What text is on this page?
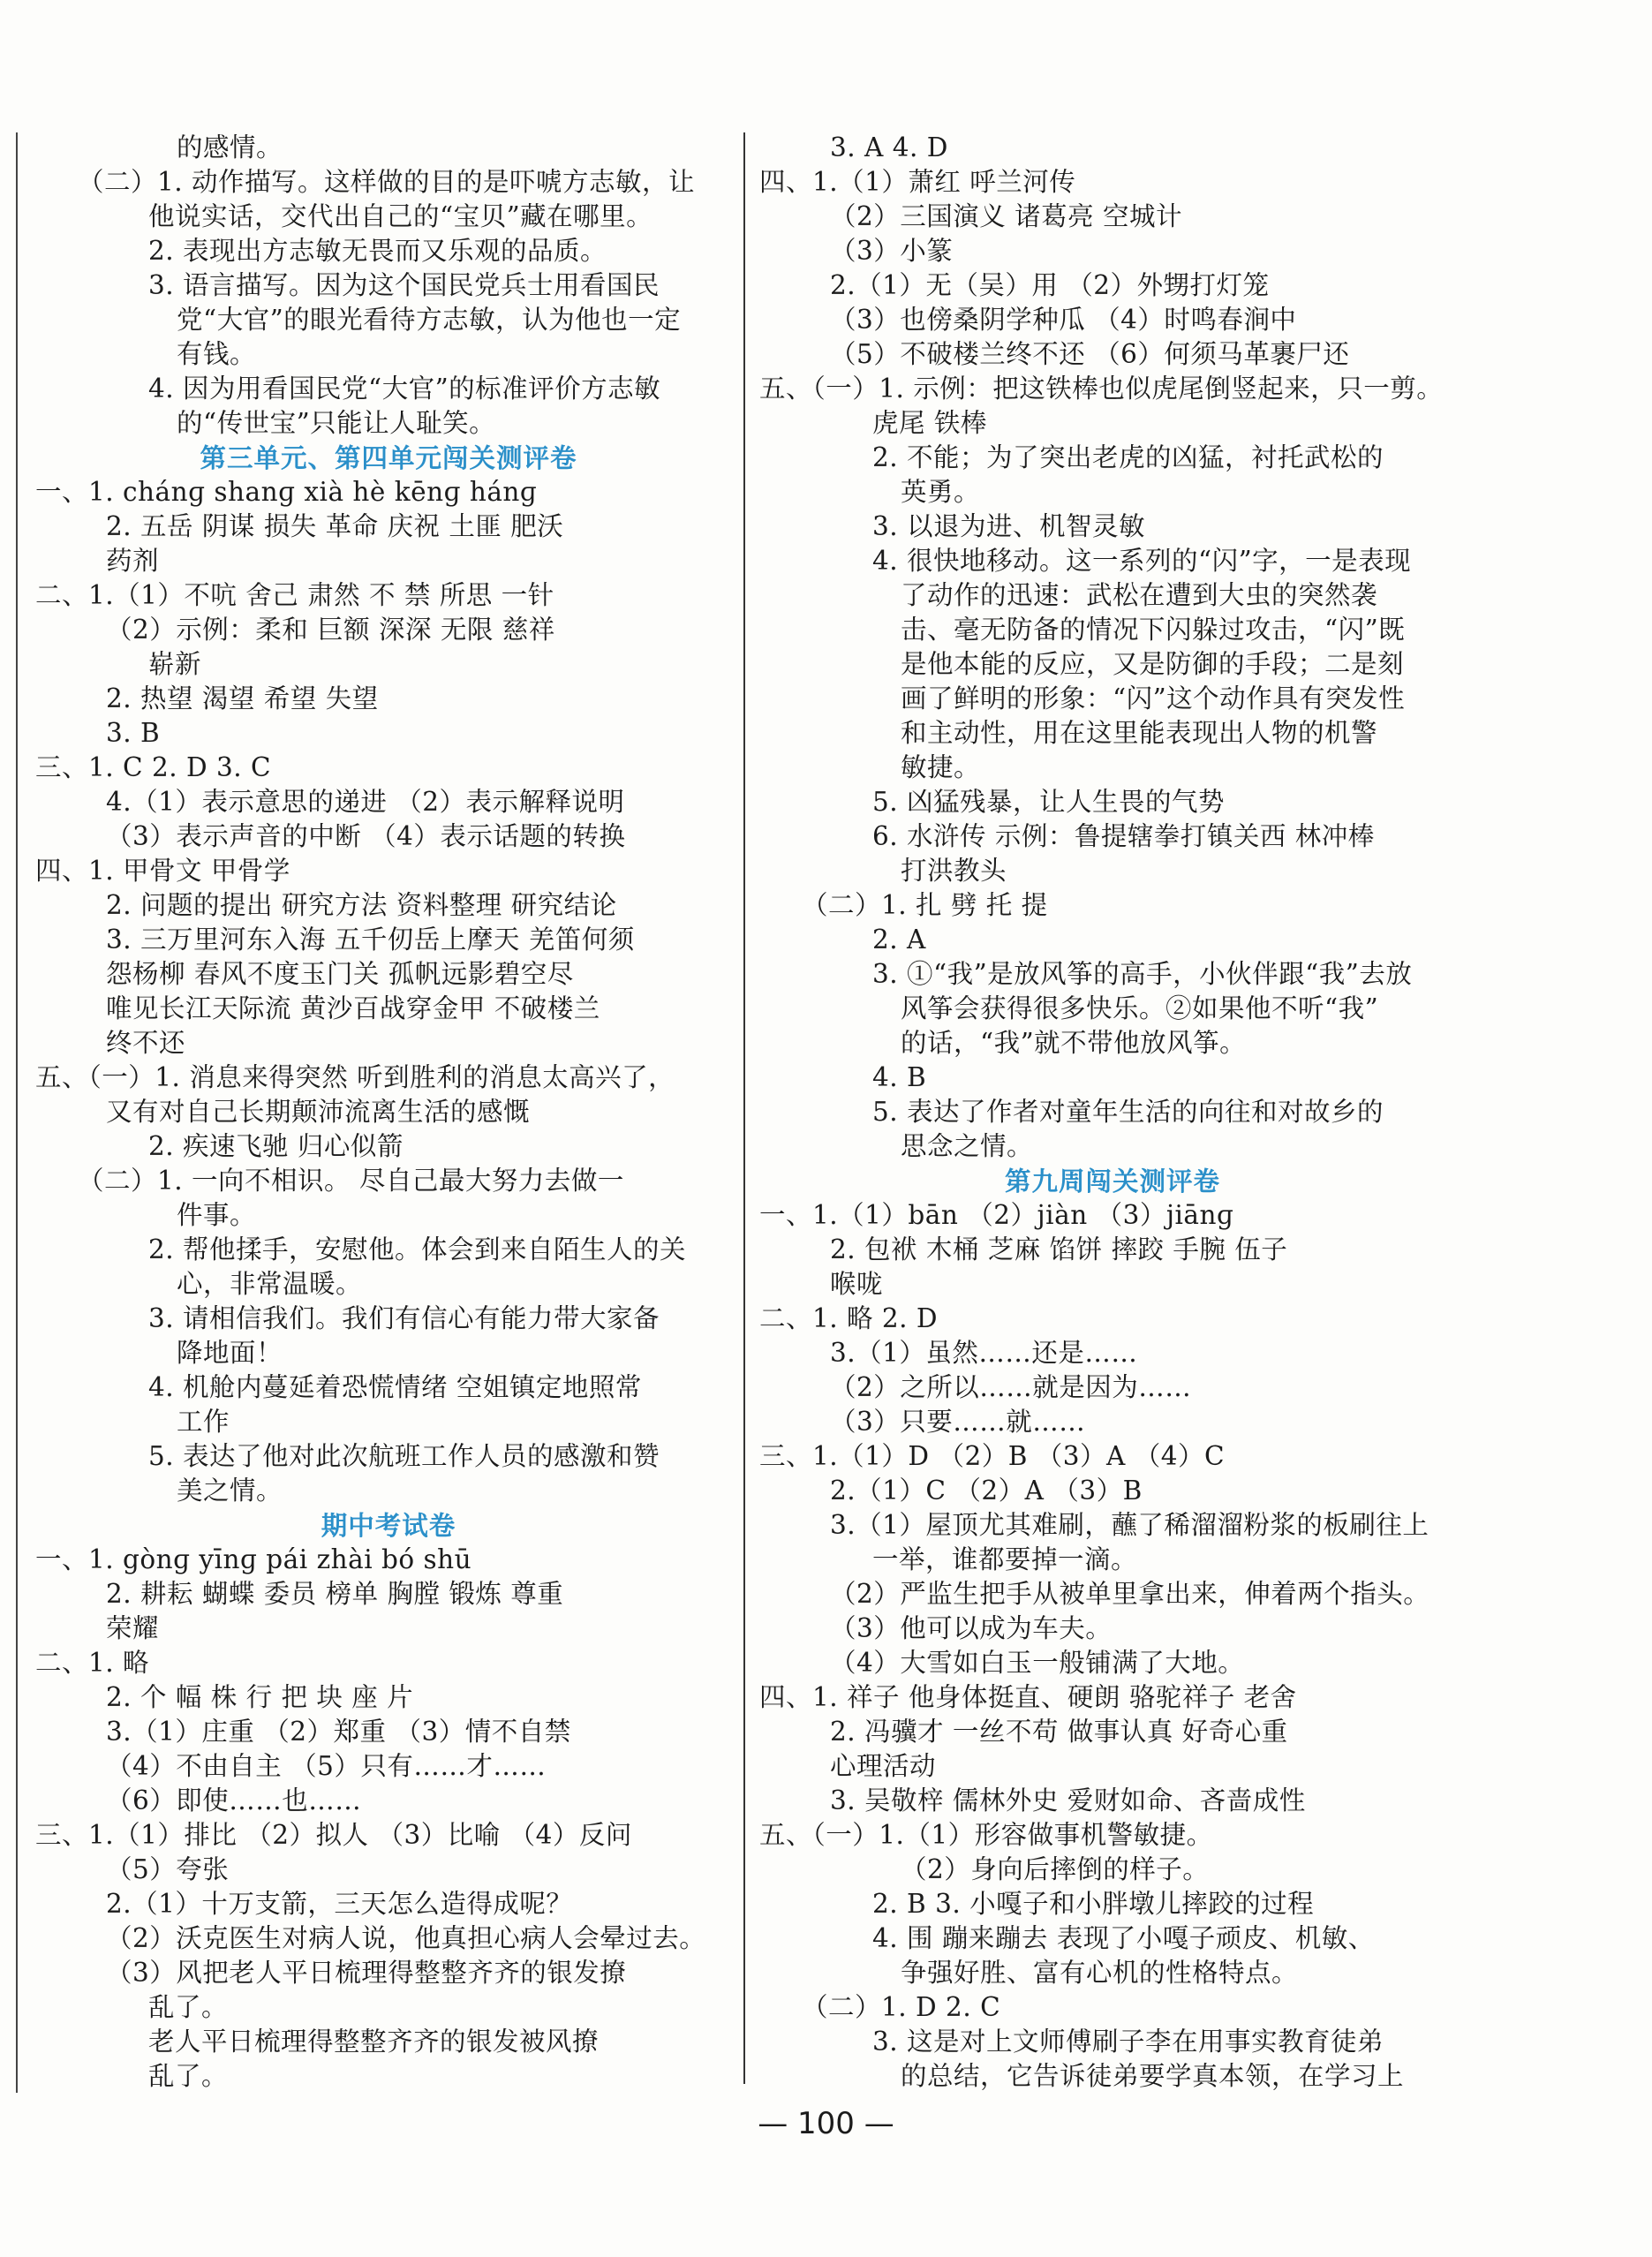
的感情。
（二）1. 动作描写。这样做的目的是吓唬方志敏，让
他说实话，交代出自己的“宝贝”藏在哪里。
2. 表现出方志敏无畏而又乐观的品质。
3. 语言描写。因为这个国民党兵士用看国民
党“大官”的眼光看待方志敏，认为他也一定
有钱。
4. 因为用看国民党“大官”的标准评价方志敏
的“传世宝”只能让人耻笑。
第三单元、第四单元闯关测评卷
一、1. chánɡ shanɡ xià hè kēnɡ hánɡ
2. 五岳 阴谋 损失 革命 庆祝 土匪 肥沃
药剂
二、1.（1）不吭 舍己 肃然 不 禁 所思 一针
（2）示例：柔和 巨额 深深 无限 慈祥
崭新
2. 热望 渴望 希望 失望
3. B
三、1. C 2. D 3. C
4.（1）表示意思的递进 （2）表示解释说明
（3）表示声音的中断 （4）表示话题的转换
四、1. 甲骨文 甲骨学
2. 问题的提出 研究方法 资料整理 研究结论
3. 三万里河东入海 五千仞岳上摩天 羌笛何须
怨杨柳 春风不度玉门关 孤帆远影碧空尽
唯见长江天际流 黄沙百战穿金甲 不破楼兰
终不还
五、（一）1. 消息来得突然 听到胜利的消息太高兴了，
又有对自己长期颠沛流离生活的感慨
2. 疾速飞驰 归心似箭
（二）1. 一向不相识。 尽自己最大努力去做一
件事。
2. 帮他揉手，安慰他。体会到来自陌生人的关
心，非常温暖。
3. 请相信我们。我们有信心有能力带大家备
降地面！
4. 机舱内蔓延着恐慌情绪 空姐镇定地照常
工作
5. 表达了他对此次航班工作人员的感激和赞
美之情。
期中考试卷
一、1. gònɡ yīnɡ pái zhài bó shū
2. 耕耘 蝴蝶 委员 榜单 胸膛 锻炼 尊重
荣耀
二、1. 略
2. 个 幅 株 行 把 块 座 片
3.（1）庄重 （2）郑重 （3）情不自禁
（4）不由自主 （5）只有……才……
（6）即使……也……
三、1.（1）排比 （2）拟人 （3）比喻 （4）反问
（5）夸张
2.（1）十万支箭，三天怎么造得成呢？
（2）沃克医生对病人说，他真担心病人会晕过去。
（3）风把老人平日梳理得整整齐齐的银发撩
乱了。
老人平日梳理得整整齐齐的银发被风撩
乱了。
3. A 4. D
四、1.（1）萧红 呼兰河传
（2）三国演义 诸葛亮 空城计
（3）小篆
2.（1）无（吴）用 （2）外甥打灯笼
（3）也傍桑阴学种瓜 （4）时鸣春涧中
（5）不破楼兰终不还 （6）何须马革裹尸还
五、（一）1. 示例：把这铁棒也似虎尾倒竖起来，只一剪。
虎尾 铁棒
2. 不能；为了突出老虎的凶猛，衬托武松的
英勇。
3. 以退为进、机智灵敏
4. 很快地移动。这一系列的“闪”字，一是表现
了动作的迅速：武松在遭到大虫的突然袭
击、毫无防备的情况下闪躲过攻击，“闪”既
是他本能的反应，又是防御的手段；二是刻
画了鲜明的形象：“闪”这个动作具有突发性
和主动性，用在这里能表现出人物的机警
敏捷。
5. 凶猛残暴，让人生畏的气势
6. 水浒传 示例：鲁提辖拳打镇关西 林冲棒
打洪教头
（二）1. 扎 劈 托 提
2. A
3. ①“我”是放风筝的高手，小伙伴跟“我”去放
风筝会获得很多快乐。②如果他不听“我”
的话，“我”就不带他放风筝。
4. B
5. 表达了作者对童年生活的向往和对故乡的
思念之情。
第九周闯关测评卷
一、1.（1）bān （2）jiàn （3）jiānɡ
2. 包袱 木桶 芝麻 馅饼 摔跤 手腕 伍子
喉咙
二、1. 略 2. D
3.（1）虽然……还是……
（2）之所以……就是因为……
（3）只要……就……
三、1.（1）D （2）B （3）A （4）C
2.（1）C （2）A （3）B
3.（1）屋顶尤其难刷，蘸了稀溜溜粉浆的板刷往上
一举，谁都要掉一滴。
（2）严监生把手从被单里拿出来，伸着两个指头。
（3）他可以成为车夫。
（4）大雪如白玉一般铺满了大地。
四、1. 祥子 他身体挺直、硬朗 骆驼祥子 老舍
2. 冯骥才 一丝不苟 做事认真 好奇心重
心理活动
3. 吴敬梓 儒林外史 爱财如命、吝啬成性
五、（一）1.（1）形容做事机警敏捷。
（2）身向后摔倒的样子。
2. B 3. 小嘎子和小胖墩儿摔跤的过程
4. 围 蹦来蹦去 表现了小嘎子顽皮、机敏、
争强好胜、富有心机的性格特点。
（二）1. D 2. C
3. 这是对上文师傅刷子李在用事实教育徒弟
的总结，它告诉徒弟要学真本领，在学习上
— 100 —
